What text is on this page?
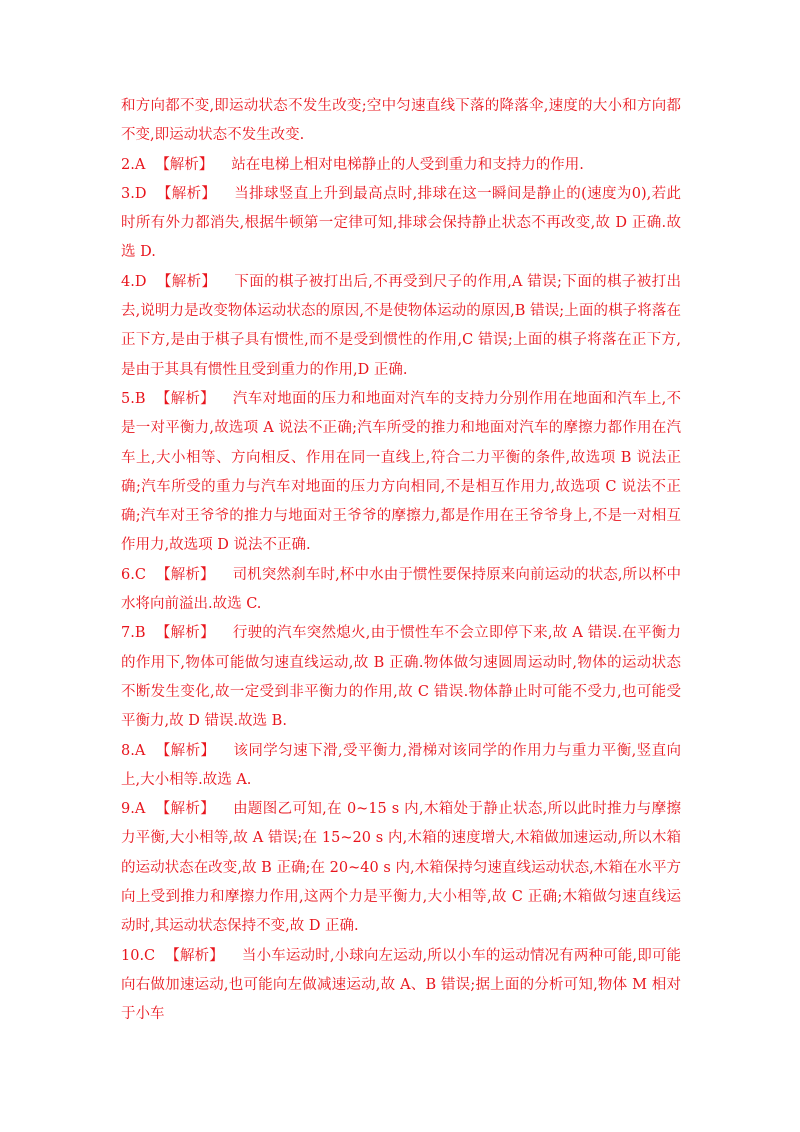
和方向都不变,即运动状态不发生改变;空中匀速直线下落的降落伞,速度的大小和方向都不变,即运动状态不发生改变.

2.A 【解析】 站在电梯上相对电梯静止的人受到重力和支持力的作用.

3.D 【解析】 当排球竖直上升到最高点时,排球在这一瞬间是静止的(速度为0),若此时所有外力都消失,根据牛顿第一定律可知,排球会保持静止状态不再改变,故 D 正确.故选 D.

4.D 【解析】 下面的棋子被打出后,不再受到尺子的作用,A 错误;下面的棋子被打出去,说明力是改变物体运动状态的原因,不是使物体运动的原因,B 错误;上面的棋子将落在正下方,是由于棋子具有惯性,而不是受到惯性的作用,C 错误;上面的棋子将落在正下方,是由于其具有惯性且受到重力的作用,D 正确.

5.B 【解析】 汽车对地面的压力和地面对汽车的支持力分别作用在地面和汽车上,不是一对平衡力,故选项 A 说法不正确;汽车所受的推力和地面对汽车的摩擦力都作用在汽车上,大小相等、方向相反、作用在同一直线上,符合二力平衡的条件,故选项 B 说法正确;汽车所受的重力与汽车对地面的压力方向相同,不是相互作用力,故选项 C 说法不正确;汽车对王爷爷的推力与地面对王爷爷的摩擦力,都是作用在王爷爷身上,不是一对相互作用力,故选项 D 说法不正确.

6.C 【解析】 司机突然刹车时,杯中水由于惯性要保持原来向前运动的状态,所以杯中水将向前溢出.故选 C.

7.B 【解析】 行驶的汽车突然熄火,由于惯性车不会立即停下来,故 A 错误.在平衡力的作用下,物体可能做匀速直线运动,故 B 正确.物体做匀速圆周运动时,物体的运动状态不断发生变化,故一定受到非平衡力的作用,故 C 错误.物体静止时可能不受力,也可能受平衡力,故 D 错误.故选 B.

8.A 【解析】 该同学匀速下滑,受平衡力,滑梯对该同学的作用力与重力平衡,竖直向上,大小相等.故选 A.

9.A 【解析】 由题图乙可知,在 0~15 s 内,木箱处于静止状态,所以此时推力与摩擦力平衡,大小相等,故 A 错误;在 15~20 s 内,木箱的速度增大,木箱做加速运动,所以木箱的运动状态在改变,故 B 正确;在 20~40 s 内,木箱保持匀速直线运动状态,木箱在水平方向上受到推力和摩擦力作用,这两个力是平衡力,大小相等,故 C 正确;木箱做匀速直线运动时,其运动状态保持不变,故 D 正确.

10.C 【解析】 当小车运动时,小球向左运动,所以小车的运动情况有两种可能,即可能向右做加速运动,也可能向左做减速运动,故 A、B 错误;据上面的分析可知,物体 M 相对于小车
